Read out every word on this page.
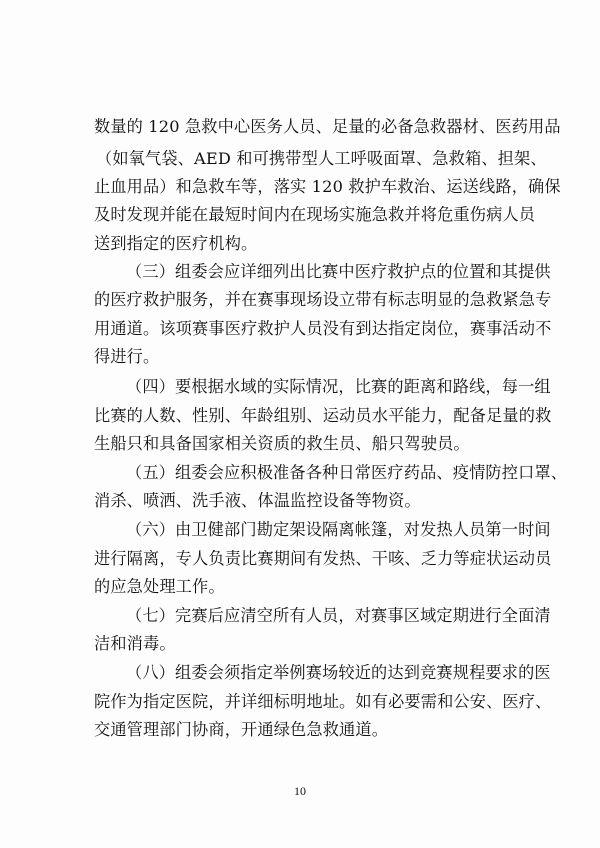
数量的 120 急救中心医务人员、足量的必备急救器材、医药用品
（如氧气袋、AED 和可携带型人工呼吸面罩、急救箱、担架、
止血用品）和急救车等，落实 120 救护车救治、运送线路，确保
及时发现并能在最短时间内在现场实施急救并将危重伤病人员
送到指定的医疗机构。
（三）组委会应详细列出比赛中医疗救护点的位置和其提供
的医疗救护服务，并在赛事现场设立带有标志明显的急救紧急专
用通道。该项赛事医疗救护人员没有到达指定岗位，赛事活动不
得进行。
（四）要根据水域的实际情况，比赛的距离和路线，每一组
比赛的人数、性别、年龄组别、运动员水平能力，配备足量的救
生船只和具备国家相关资质的救生员、船只驾驶员。
（五）组委会应积极准备各种日常医疗药品、疫情防控口罩、
消杀、喷洒、洗手液、体温监控设备等物资。
（六）由卫健部门勘定架设隔离帐篷，对发热人员第一时间
进行隔离，专人负责比赛期间有发热、干咳、乏力等症状运动员
的应急处理工作。
（七）完赛后应清空所有人员，对赛事区域定期进行全面清
洁和消毒。
（八）组委会须指定举例赛场较近的达到竞赛规程要求的医
院作为指定医院，并详细标明地址。如有必要需和公安、医疗、
交通管理部门协商，开通绿色急救通道。
10
